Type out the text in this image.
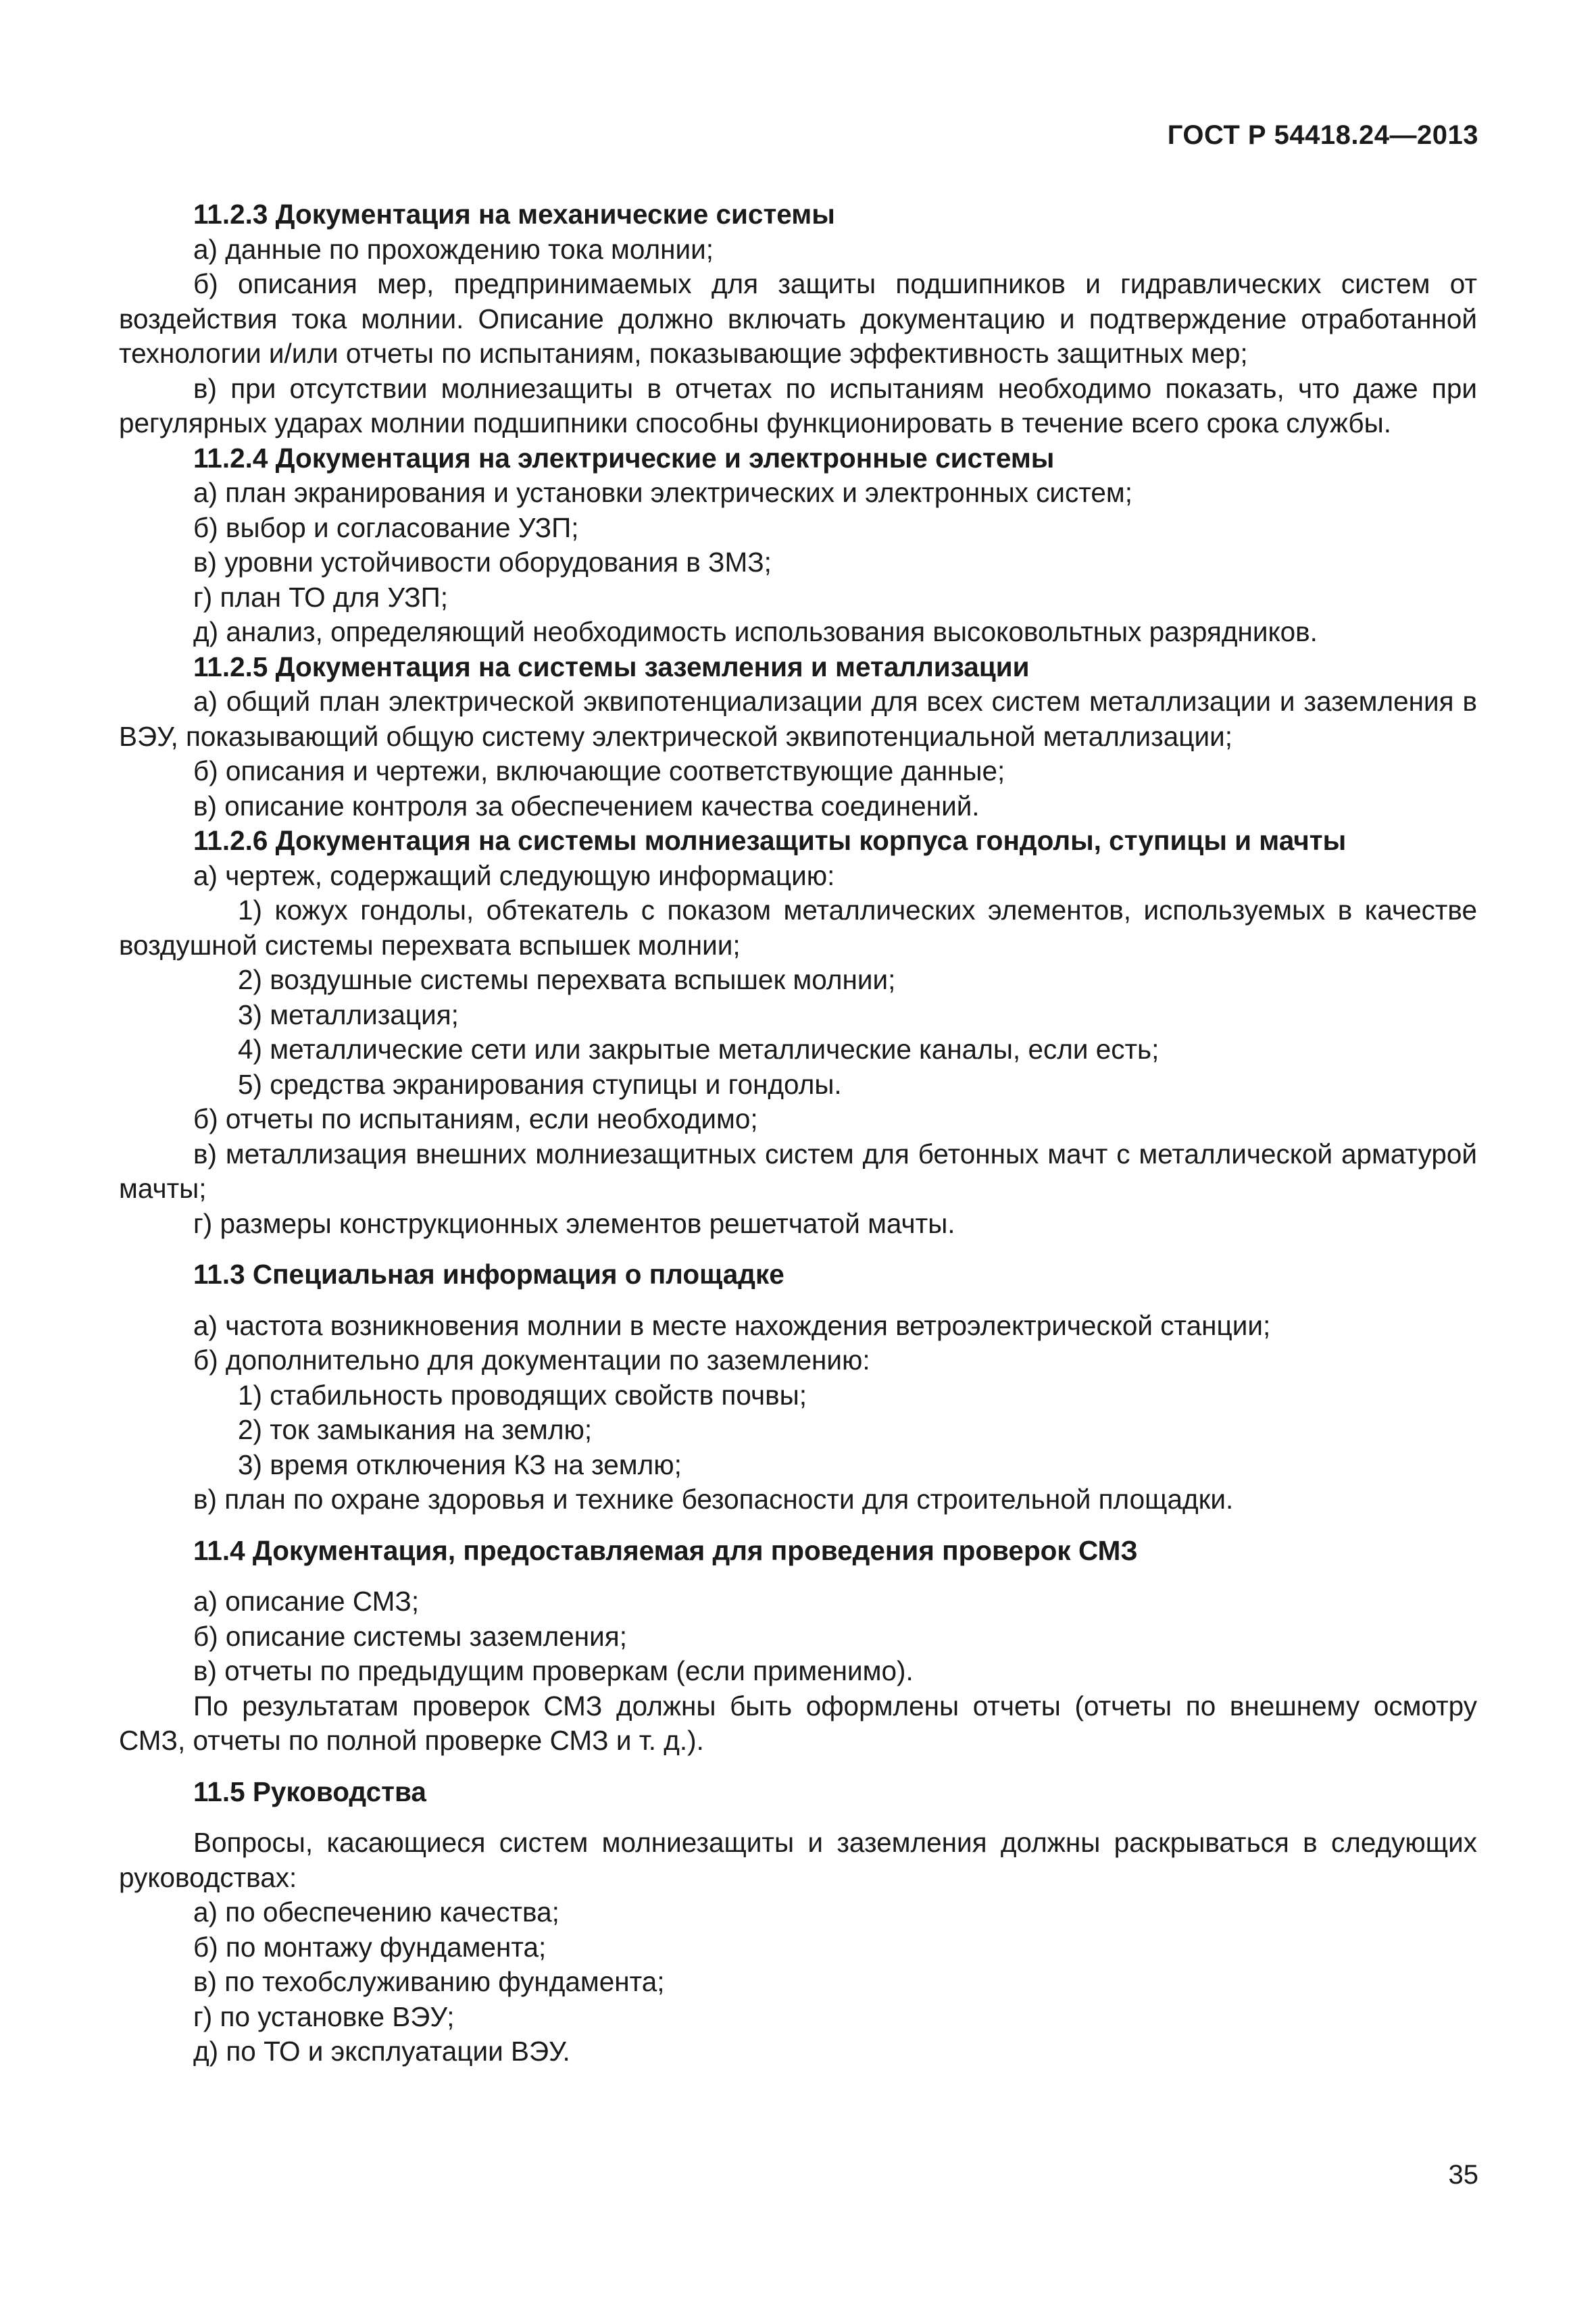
ГОСТ Р 54418.24—2013

11.2.3 Документация на механические системы

а) данные по прохождению тока молнии;

б) описания мер, предпринимаемых для защиты подшипников и гидравлических систем от воздействия тока молнии. Описание должно включать документацию и подтверждение отработанной технологии и/или отчеты по испытаниям, показывающие эффективность защитных мер;

в) при отсутствии молниезащиты в отчетах по испытаниям необходимо показать, что даже при регулярных ударах молнии подшипники способны функционировать в течение всего срока службы.

11.2.4 Документация на электрические и электронные системы

а) план экранирования и установки электрических и электронных систем;

б) выбор и согласование УЗП;

в) уровни устойчивости оборудования в ЗМЗ;

г) план ТО для УЗП;

д) анализ, определяющий необходимость использования высоковольтных разрядников.

11.2.5 Документация на системы заземления и металлизации

а) общий план электрической эквипотенциализации для всех систем металлизации и заземления в ВЭУ, показывающий общую систему электрической эквипотенциальной металлизации;

б) описания и чертежи, включающие соответствующие данные;

в) описание контроля за обеспечением качества соединений.

11.2.6 Документация на системы молниезащиты корпуса гондолы, ступицы и мачты

а) чертеж, содержащий следующую информацию:

1) кожух гондолы, обтекатель с показом металлических элементов, используемых в качестве воздушной системы перехвата вспышек молнии;

2) воздушные системы перехвата вспышек молнии;

3) металлизация;

4) металлические сети или закрытые металлические каналы, если есть;

5) средства экранирования ступицы и гондолы.

б) отчеты по испытаниям, если необходимо;

в) металлизация внешних молниезащитных систем для бетонных мачт с металлической арматурой мачты;

г) размеры конструкционных элементов решетчатой мачты.

11.3 Специальная информация о площадке

а) частота возникновения молнии в месте нахождения ветроэлектрической станции;

б) дополнительно для документации по заземлению:

1) стабильность проводящих свойств почвы;

2) ток замыкания на землю;

3) время отключения КЗ на землю;

в) план по охране здоровья и технике безопасности для строительной площадки.

11.4 Документация, предоставляемая для проведения проверок СМЗ

а) описание СМЗ;

б) описание системы заземления;

в) отчеты по предыдущим проверкам (если применимо).

По результатам проверок СМЗ должны быть оформлены отчеты (отчеты по внешнему осмотру СМЗ, отчеты по полной проверке СМЗ и т. д.).

11.5 Руководства

Вопросы, касающиеся систем молниезащиты и заземления должны раскрываться в следующих руководствах:

а) по обеспечению качества;

б) по монтажу фундамента;

в) по техобслуживанию фундамента;

г) по установке ВЭУ;

д) по ТО и эксплуатации ВЭУ.

35
